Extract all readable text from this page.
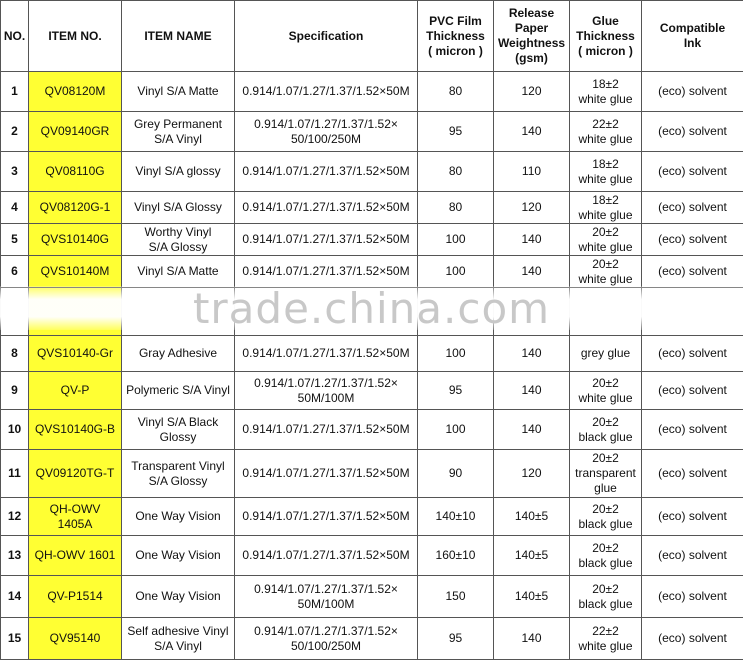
NO.	ITEM NO.	ITEM NAME	Specification	PVC Film
Thickness
( micron )	Release
Paper
Weightness
(gsm)	Glue
Thickness
( micron )	Compatible
Ink
1	QV08120M	Vinyl S/A Matte	0.914/1.07/1.27/1.37/1.52×50M	80	120	18±2
white glue	(eco) solvent
2	QV09140GR	Grey Permanent
S/A Vinyl	0.914/1.07/1.27/1.37/1.52×
50/100/250M	95	140	22±2
white glue	(eco) solvent
3	QV08110G	Vinyl S/A glossy	0.914/1.07/1.27/1.37/1.52×50M	80	110	18±2
white glue	(eco) solvent
4	QV08120G-1	Vinyl S/A Glossy	0.914/1.07/1.27/1.37/1.52×50M	80	120	18±2
white glue	(eco) solvent
5	QVS10140G	Worthy Vinyl
S/A Glossy	0.914/1.07/1.27/1.37/1.52×50M	100	140	20±2
white glue	(eco) solvent
6	QVS10140M	Vinyl S/A Matte	0.914/1.07/1.27/1.37/1.52×50M	100	140	20±2
white glue	(eco) solvent

8	QVS10140-Gr	Gray Adhesive	0.914/1.07/1.27/1.37/1.52×50M	100	140	grey glue	(eco) solvent
9	QV-P	Polymeric S/A Vinyl	0.914/1.07/1.27/1.37/1.52×
50M/100M	95	140	20±2
white glue	(eco) solvent
10	QVS10140G-B	Vinyl S/A Black
Glossy	0.914/1.07/1.27/1.37/1.52×50M	100	140	20±2
black glue	(eco) solvent
11	QV09120TG-T	Transparent Vinyl
S/A Glossy	0.914/1.07/1.27/1.37/1.52×50M	90	120	20±2
transparent
glue	(eco) solvent
12	QH-OWV 1405A	One Way Vision	0.914/1.07/1.27/1.37/1.52×50M	140±10	140±5	20±2
black glue	(eco) solvent
13	QH-OWV 1601	One Way Vision	0.914/1.07/1.27/1.37/1.52×50M	160±10	140±5	20±2
black glue	(eco) solvent
14	QV-P1514	One Way Vision	0.914/1.07/1.27/1.37/1.52×
50M/100M	150	140±5	20±2
black glue	(eco) solvent
15	QV95140	Self adhesive Vinyl
S/A Vinyl	0.914/1.07/1.27/1.37/1.52×
50/100/250M	95	140	22±2
white glue	(eco) solvent
trade.china.com
